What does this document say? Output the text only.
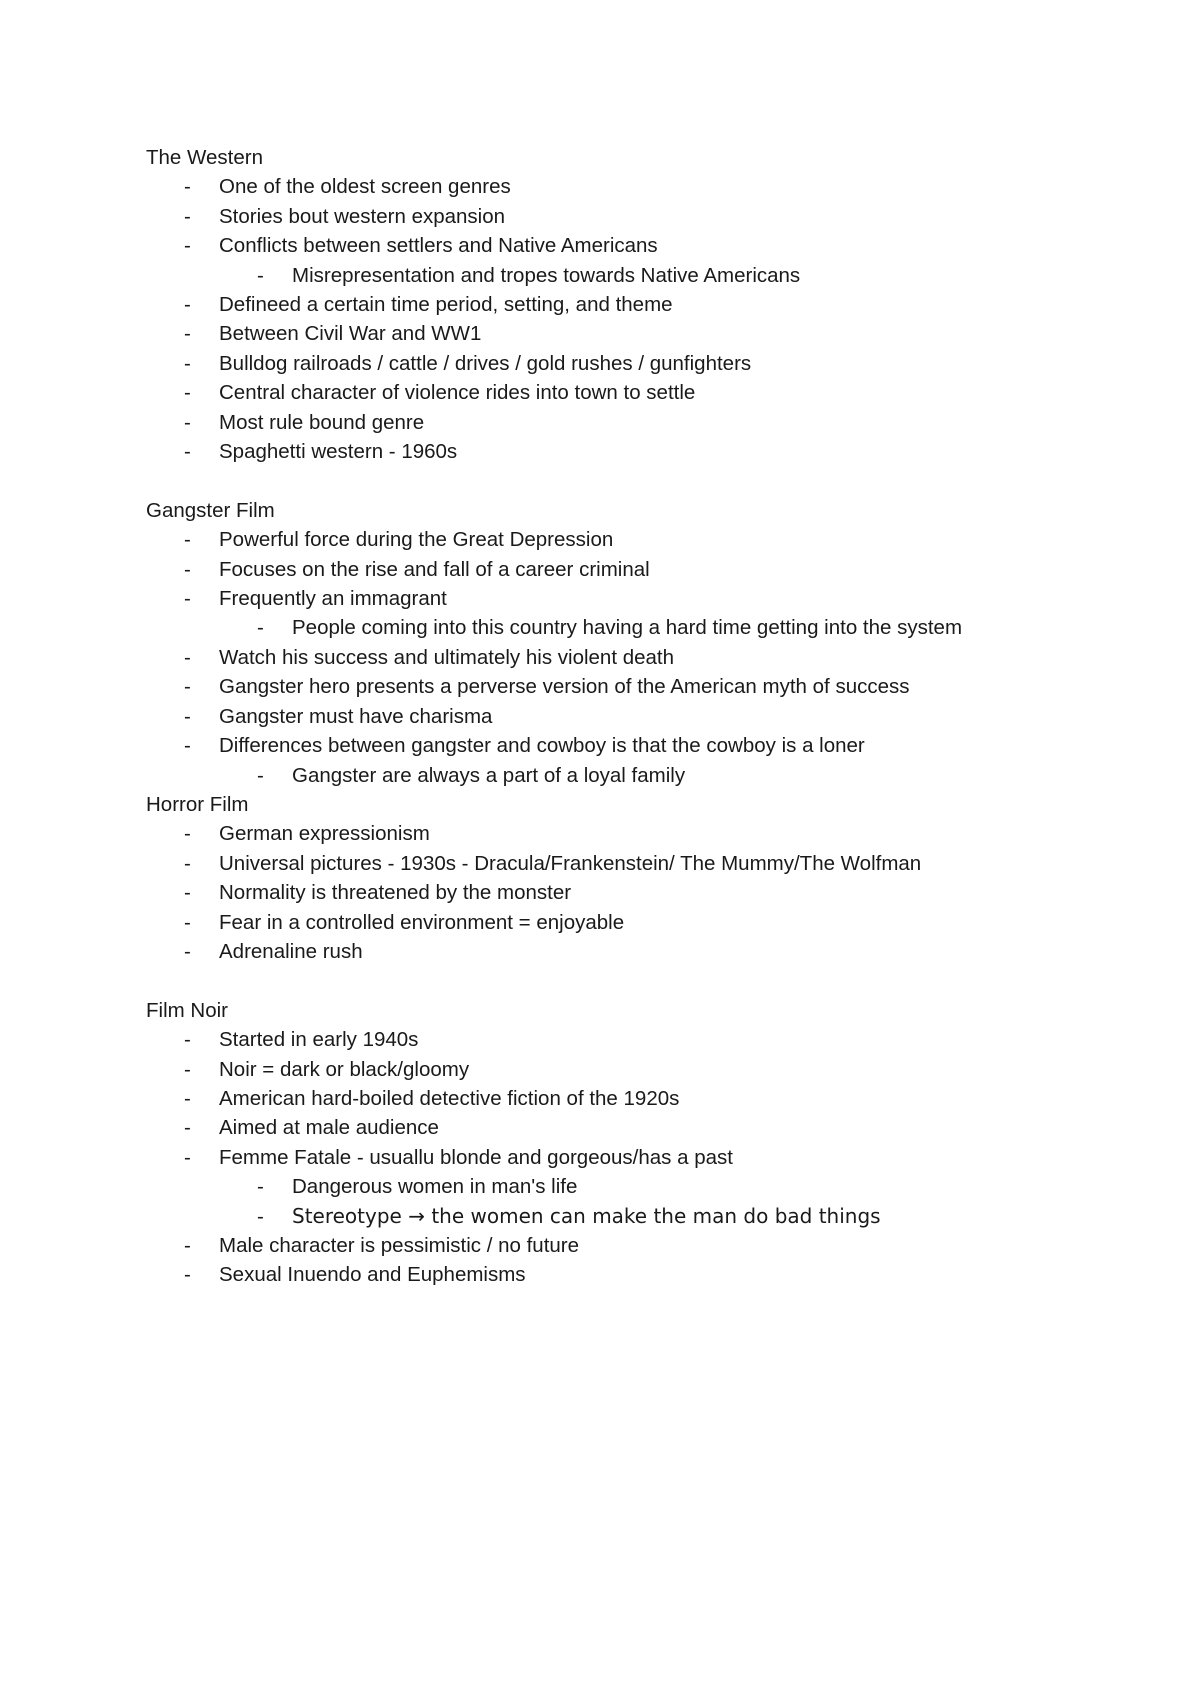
The Western
- One of the oldest screen genres
- Stories bout western expansion
- Conflicts between settlers and Native Americans
- Misrepresentation and tropes towards Native Americans
- Defineed a certain time period, setting, and theme
- Between Civil War and WW1
- Bulldog railroads / cattle / drives / gold rushes / gunfighters
- Central character of violence rides into town to settle
- Most rule bound genre
- Spaghetti western - 1960s
Gangster Film
- Powerful force during the Great Depression
- Focuses on the rise and fall of a career criminal
- Frequently an immagrant
- People coming into this country having a hard time getting into the system
- Watch his success and ultimately his violent death
- Gangster hero presents a perverse version of the American myth of success
- Gangster must have charisma
- Differences between gangster and cowboy is that the cowboy is a loner
- Gangster are always a part of a loyal family
Horror Film
- German expressionism
- Universal pictures - 1930s - Dracula/Frankenstein/ The Mummy/The Wolfman
- Normality is threatened by the monster
- Fear in a controlled environment = enjoyable
- Adrenaline rush
Film Noir
- Started in early 1940s
- Noir = dark or black/gloomy
- American hard-boiled detective fiction of the 1920s
- Aimed at male audience
- Femme Fatale - usuallu blonde and gorgeous/has a past
- Dangerous women in man's life
- Stereotype → the women can make the man do bad things
- Male character is pessimistic / no future
- Sexual Inuendo and Euphemisms
